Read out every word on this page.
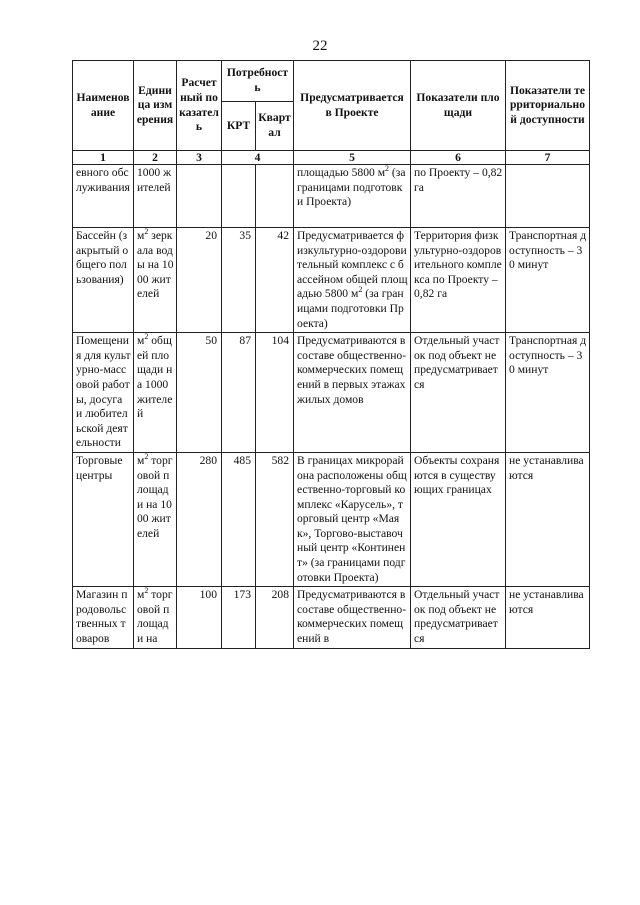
22
Наименование	Единица измерения	Расчетный показатель	Потребность		Предусматривается в Проекте	Показатели площади	Показатели территориальной доступности
			КРТ	Квартал			
1	2	3	4		5	6	7
евного обслуживания	1000 жителей				площадью 5800 $м^2$ (за границами подготовки Проекта)	по Проекту – 0,82 га	
Бассейн (закрытый общего пользования)	$м^2$ зеркала воды на 1000 жителей	20	35	42	Предусматривается физкультурно-оздоровительный комплекс с бассейном общей площадью 5800 $м^2$ (за границами подготовки Проекта)	Территория физкультурно-оздоровительного комплекса по Проекту – 0,82 га	Транспортная доступность – 30 минут
Помещения для культурно-массовой работы, досуга и любительской деятельности	$м^2$ общей площади на 1000 жителей	50	87	104	Предусматриваются в составе общественно-коммерческих помещений в первых этажах жилых домов	Отдельный участок под объект не предусматривается	Транспортная доступность – 30 минут
Торговые центры	$м^2$ торговой площади на 1000 жителей	280	485	582	В границах микрорайона расположены общественно-торговый комплекс «Карусель», торговый центр «Маяк», Торгово-выставочный центр «Континент» (за границами подготовки Проекта)	Объекты сохраняются в существующих границах	не устанавливаются
Магазин продовольственных товаров	$м^2$ торговой площади на	100	173	208	Предусматриваются в составе общественно-коммерческих помещений в	Отдельный участок под объект не предусматривается	не устанавливаются
